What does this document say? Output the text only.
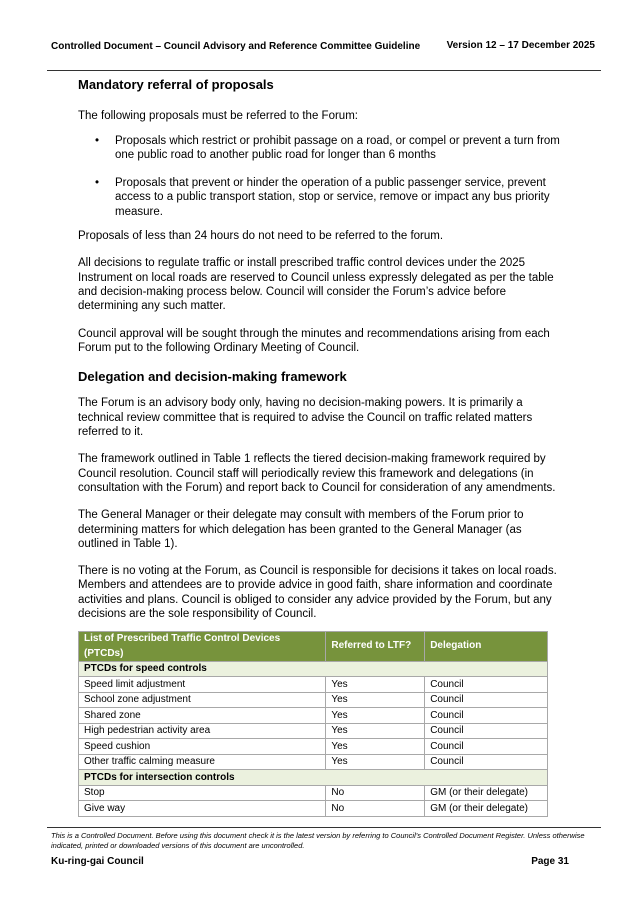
Controlled Document – Council Advisory and Reference Committee Guideline	Version 12 – 17 December 2025
Mandatory referral of proposals

The following proposals must be referred to the Forum:

• Proposals which restrict or prohibit passage on a road, or compel or prevent a turn from one public road to another public road for longer than 6 months
• Proposals that prevent or hinder the operation of a public passenger service, prevent access to a public transport station, stop or service, remove or impact any bus priority measure.

Proposals of less than 24 hours do not need to be referred to the forum.

All decisions to regulate traffic or install prescribed traffic control devices under the 2025 Instrument on local roads are reserved to Council unless expressly delegated as per the table and decision-making process below. Council will consider the Forum’s advice before determining any such matter.

Council approval will be sought through the minutes and recommendations arising from each Forum put to the following Ordinary Meeting of Council.

Delegation and decision-making framework

The Forum is an advisory body only, having no decision-making powers. It is primarily a technical review committee that is required to advise the Council on traffic related matters referred to it.

The framework outlined in Table 1 reflects the tiered decision-making framework required by Council resolution. Council staff will periodically review this framework and delegations (in consultation with the Forum) and report back to Council for consideration of any amendments.

The General Manager or their delegate may consult with members of the Forum prior to determining matters for which delegation has been granted to the General Manager (as outlined in Table 1).

There is no voting at the Forum, as Council is responsible for decisions it takes on local roads. Members and attendees are to provide advice in good faith, share information and coordinate activities and plans. Council is obliged to consider any advice provided by the Forum, but any decisions are the sole responsibility of Council.

List of Prescribed Traffic Control Devices (PTCDs)	Referred to LTF?	Delegation
PTCDs for speed controls		
Speed limit adjustment	Yes	Council
School zone adjustment	Yes	Council
Shared zone	Yes	Council
High pedestrian activity area	Yes	Council
Speed cushion	Yes	Council
Other traffic calming measure	Yes	Council
PTCDs for intersection controls		
Stop	No	GM (or their delegate)
Give way	No	GM (or their delegate)
This is a Controlled Document. Before using this document check it is the latest version by referring to Council’s Controlled Document Register. Unless otherwise indicated, printed or downloaded versions of this document are uncontrolled.
Ku-ring-gai Council	Page 31
